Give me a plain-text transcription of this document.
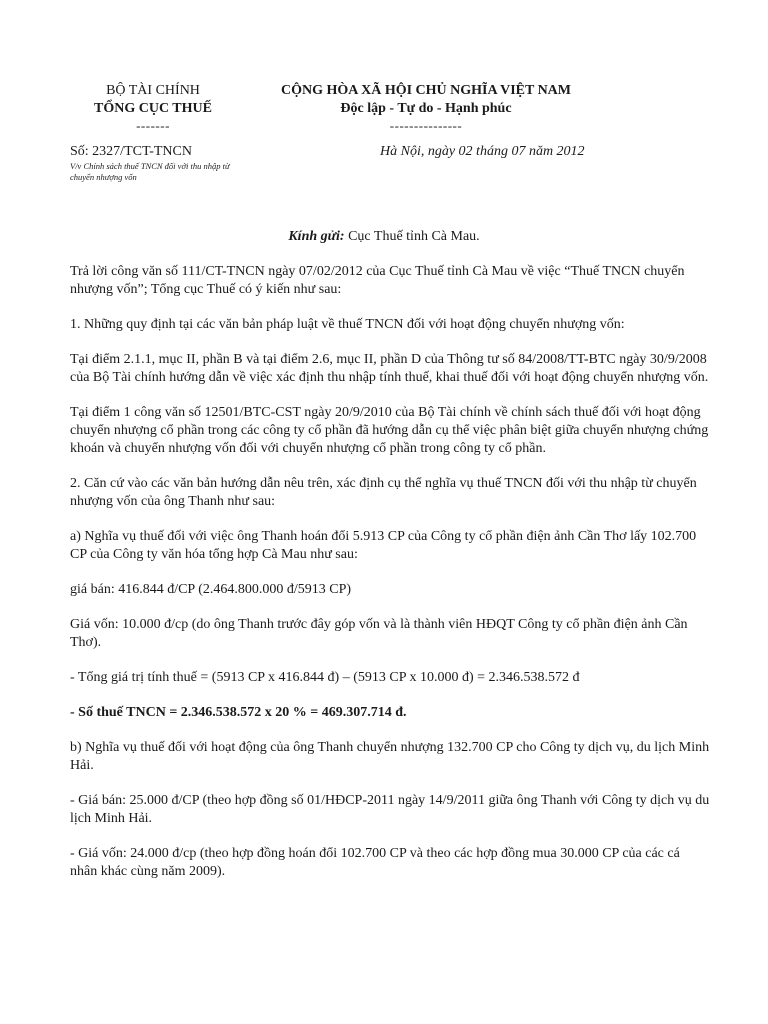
BỘ TÀI CHÍNH
TỔNG CỤC THUẾ
-------
CỘNG HÒA XÃ HỘI CHỦ NGHĨA VIỆT NAM
Độc lập - Tự do - Hạnh phúc
---------------
Số: 2327/TCT-TNCN
V/v Chính sách thuế TNCN đối với thu nhập từ chuyển nhượng vốn
Hà Nội, ngày 02 tháng 07 năm 2012
Kính gửi: Cục Thuế tỉnh Cà Mau.

Trả lời công văn số 111/CT-TNCN ngày 07/02/2012 của Cục Thuế tỉnh Cà Mau về việc “Thuế TNCN chuyển nhượng vốn”; Tổng cục Thuế có ý kiến như sau:

1. Những quy định tại các văn bản pháp luật về thuế TNCN đối với hoạt động chuyển nhượng vốn:

Tại điểm 2.1.1, mục II, phần B và tại điểm 2.6, mục II, phần D của Thông tư số 84/2008/TT-BTC ngày 30/9/2008 của Bộ Tài chính hướng dẫn về việc xác định thu nhập tính thuế, khai thuế đối với hoạt động chuyển nhượng vốn.

Tại điểm 1 công văn số 12501/BTC-CST ngày 20/9/2010 của Bộ Tài chính về chính sách thuế đối với hoạt động chuyển nhượng cổ phần trong các công ty cổ phần đã hướng dẫn cụ thể việc phân biệt giữa chuyển nhượng chứng khoán và chuyển nhượng vốn đối với chuyển nhượng cổ phần trong công ty cổ phần.

2. Căn cứ vào các văn bản hướng dẫn nêu trên, xác định cụ thể nghĩa vụ thuế TNCN đối với thu nhập từ chuyển nhượng vốn của ông Thanh như sau:

a) Nghĩa vụ thuế đối với việc ông Thanh hoán đổi 5.913 CP của Công ty cổ phần điện ảnh Cần Thơ lấy 102.700 CP của Công ty văn hóa tổng hợp Cà Mau như sau:

giá bán: 416.844 đ/CP (2.464.800.000 đ/5913 CP)

Giá vốn: 10.000 đ/cp (do ông Thanh trước đây góp vốn và là thành viên HĐQT Công ty cổ phần điện ảnh Cần Thơ).

- Tổng giá trị tính thuế = (5913 CP x 416.844 đ) – (5913 CP x 10.000 đ) = 2.346.538.572 đ

- Số thuế TNCN = 2.346.538.572 x 20 % = 469.307.714 đ.

b) Nghĩa vụ thuế đối với hoạt động của ông Thanh chuyển nhượng 132.700 CP cho Công ty dịch vụ, du lịch Minh Hải.

- Giá bán: 25.000 đ/CP (theo hợp đồng số 01/HĐCP-2011 ngày 14/9/2011 giữa ông Thanh với Công ty dịch vụ du lịch Minh Hải.

- Giá vốn: 24.000 đ/cp (theo hợp đồng hoán đổi 102.700 CP và theo các hợp đồng mua 30.000 CP của các cá nhân khác cùng năm 2009).
